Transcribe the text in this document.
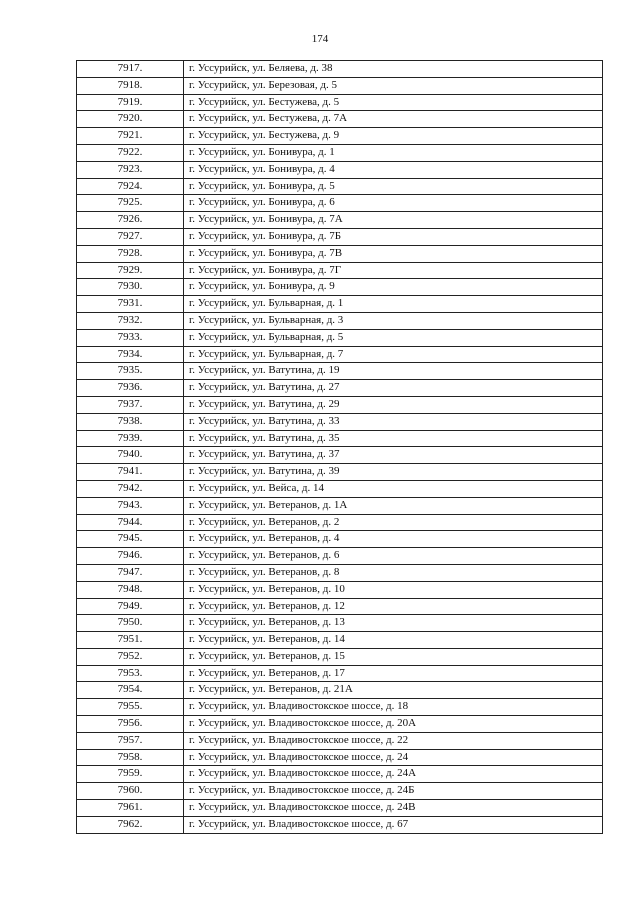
174
7917.	г. Уссурийск, ул. Беляева, д. 38
7918.	г. Уссурийск, ул. Березовая, д. 5
7919.	г. Уссурийск, ул. Бестужева, д. 5
7920.	г. Уссурийск, ул. Бестужева, д. 7А
7921.	г. Уссурийск, ул. Бестужева, д. 9
7922.	г. Уссурийск, ул. Бонивура, д. 1
7923.	г. Уссурийск, ул. Бонивура, д. 4
7924.	г. Уссурийск, ул. Бонивура, д. 5
7925.	г. Уссурийск, ул. Бонивура, д. 6
7926.	г. Уссурийск, ул. Бонивура, д. 7А
7927.	г. Уссурийск, ул. Бонивура, д. 7Б
7928.	г. Уссурийск, ул. Бонивура, д. 7В
7929.	г. Уссурийск, ул. Бонивура, д. 7Г
7930.	г. Уссурийск, ул. Бонивура, д. 9
7931.	г. Уссурийск, ул. Бульварная, д. 1
7932.	г. Уссурийск, ул. Бульварная, д. 3
7933.	г. Уссурийск, ул. Бульварная, д. 5
7934.	г. Уссурийск, ул. Бульварная, д. 7
7935.	г. Уссурийск, ул. Ватутина, д. 19
7936.	г. Уссурийск, ул. Ватутина, д. 27
7937.	г. Уссурийск, ул. Ватутина, д. 29
7938.	г. Уссурийск, ул. Ватутина, д. 33
7939.	г. Уссурийск, ул. Ватутина, д. 35
7940.	г. Уссурийск, ул. Ватутина, д. 37
7941.	г. Уссурийск, ул. Ватутина, д. 39
7942.	г. Уссурийск, ул. Вейса, д. 14
7943.	г. Уссурийск, ул. Ветеранов, д. 1А
7944.	г. Уссурийск, ул. Ветеранов, д. 2
7945.	г. Уссурийск, ул. Ветеранов, д. 4
7946.	г. Уссурийск, ул. Ветеранов, д. 6
7947.	г. Уссурийск, ул. Ветеранов, д. 8
7948.	г. Уссурийск, ул. Ветеранов, д. 10
7949.	г. Уссурийск, ул. Ветеранов, д. 12
7950.	г. Уссурийск, ул. Ветеранов, д. 13
7951.	г. Уссурийск, ул. Ветеранов, д. 14
7952.	г. Уссурийск, ул. Ветеранов, д. 15
7953.	г. Уссурийск, ул. Ветеранов, д. 17
7954.	г. Уссурийск, ул. Ветеранов, д. 21А
7955.	г. Уссурийск, ул. Владивостокское шоссе, д. 18
7956.	г. Уссурийск, ул. Владивостокское шоссе, д. 20А
7957.	г. Уссурийск, ул. Владивостокское шоссе, д. 22
7958.	г. Уссурийск, ул. Владивостокское шоссе, д. 24
7959.	г. Уссурийск, ул. Владивостокское шоссе, д. 24А
7960.	г. Уссурийск, ул. Владивостокское шоссе, д. 24Б
7961.	г. Уссурийск, ул. Владивостокское шоссе, д. 24В
7962.	г. Уссурийск, ул. Владивостокское шоссе, д. 67
